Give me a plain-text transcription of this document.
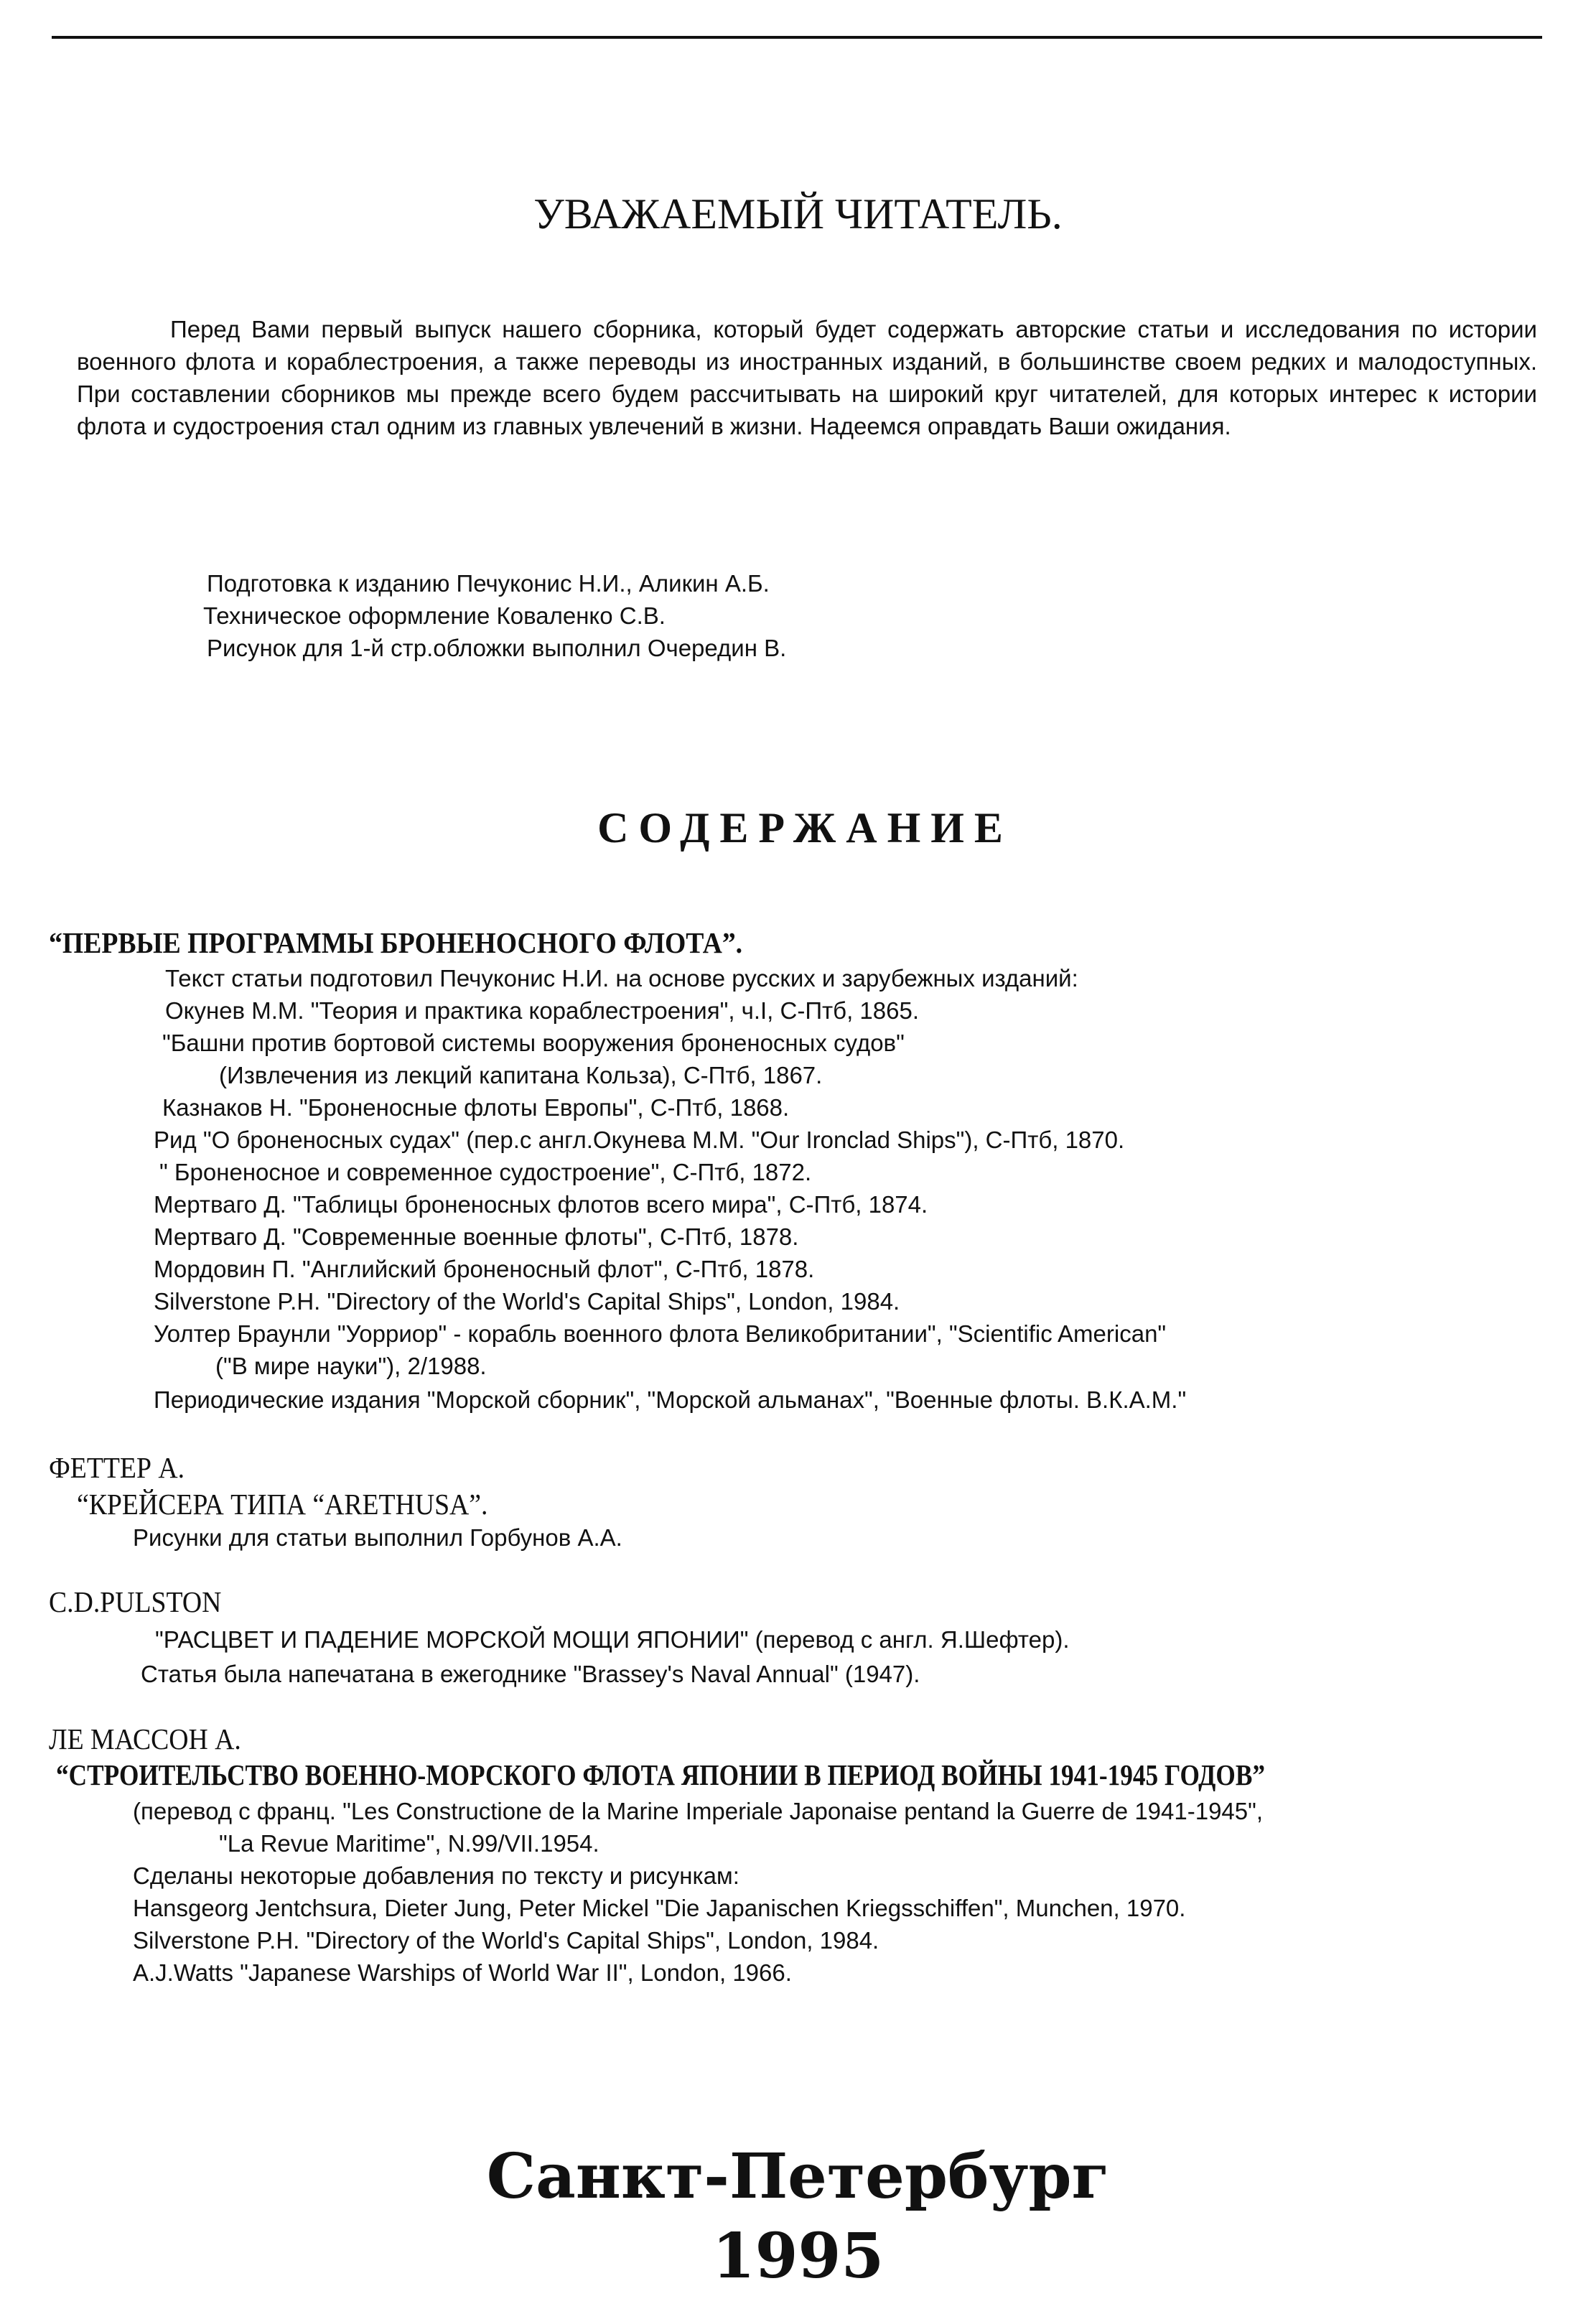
УВАЖАЕМЫЙ ЧИТАТЕЛЬ.
Перед Вами первый выпуск нашего сборника, который будет содержать авторские статьи и исследования по истории военного флота и кораблестроения, а также переводы из иностранных изданий, в большинстве своем редких и малодоступных. При составлении сборников мы прежде всего будем рассчитывать на широкий круг читателей, для которых интерес к истории флота и судостроения стал одним из главных увлечений в жизни. Надеемся оправдать Ваши ожидания.
Подготовка к изданию Печуконис Н.И., Аликин А.Б.
Техническое оформление Коваленко С.В.
Рисунок для 1-й стр.обложки выполнил Очередин В.
СОДЕРЖАНИЕ
“ПЕРВЫЕ ПРОГРАММЫ БРОНЕНОСНОГО ФЛОТА”.
Текст статьи подготовил Печуконис Н.И. на основе русских и зарубежных изданий:
Окунев М.М. "Теория и практика кораблестроения", ч.I, С-Птб, 1865.
"Башни против бортовой системы вооружения броненосных судов"
(Извлечения из лекций капитана Кольза), С-Птб, 1867.
Казнаков Н. "Броненосные флоты Европы", С-Птб, 1868.
Рид "О броненосных судах" (пер.с англ.Окунева М.М. "Our Ironclad Ships"), С-Птб, 1870.
" Броненосное и современное судостроение", С-Птб, 1872.
Мертваго Д. "Таблицы броненосных флотов всего мира", С-Птб, 1874.
Мертваго Д. "Современные военные флоты", С-Птб, 1878.
Мордовин П. "Английский броненосный флот", С-Птб, 1878.
Silverstone P.H. "Directory of the World's Capital Ships", London, 1984.
Уолтер Браунли "Уорриор" - корабль военного флота Великобритании", "Scientific American"
("В мире науки"), 2/1988.
Периодические издания "Морской сборник", "Морской альманах", "Военные флоты. В.К.А.М."
ФЕТТЕР А.
“КРЕЙСЕРА ТИПА “ARETHUSA”.
Рисунки для статьи выполнил Горбунов А.А.
C.D.PULSTON
"РАСЦВЕТ И ПАДЕНИЕ МОРСКОЙ МОЩИ ЯПОНИИ" (перевод с англ. Я.Шефтер).
Статья была напечатана в ежегоднике "Brassey's Naval Annual" (1947).
ЛЕ МАССОН А.
“СТРОИТЕЛЬСТВО ВОЕННО-МОРСКОГО ФЛОТА ЯПОНИИ В ПЕРИОД ВОЙНЫ 1941-1945 ГОДОВ”
(перевод с франц. "Les Constructione de la Marine Imperiale Japonaise pentand la Guerre de 1941-1945",
"La Revue Maritime", N.99/VII.1954.
Сделаны некоторые добавления по тексту и рисункам:
Hansgeorg Jentchsura, Dieter Jung, Peter Mickel "Die Japanischen Kriegsschiffen", Munchen, 1970.
Silverstone P.H. "Directory of the World's Capital Ships", London, 1984.
A.J.Watts "Japanese Warships of World War II", London, 1966.
Санкт-Петербург
1995
